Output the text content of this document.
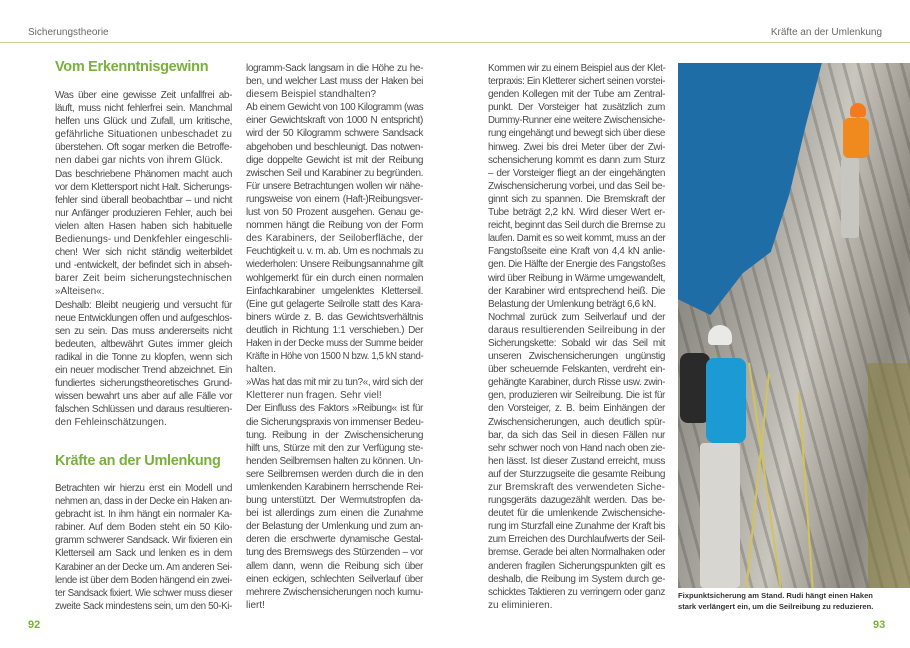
Sicherungstheorie	Kräfte an der Umlenkung
Vom Erkenntnisgewinn
Was über eine gewisse Zeit unfallfrei ab-
läuft, muss nicht fehlerfrei sein. Manchmal
helfen uns Glück und Zufall, um kritische,
gefährliche Situationen unbeschadet zu
überstehen. Oft sogar merken die Betroffe-
nen dabei gar nichts von ihrem Glück.
Das beschriebene Phänomen macht auch
vor dem Klettersport nicht Halt. Sicherungs-
fehler sind überall beobachtbar – und nicht
nur Anfänger produzieren Fehler, auch bei
vielen alten Hasen haben sich habituelle
Bedienungs- und Denkfehler eingeschli-
chen! Wer sich nicht ständig weiterbildet
und -entwickelt, der befindet sich in abseh-
barer Zeit beim sicherungstechnischen
»Alteisen«.
Deshalb: Bleibt neugierig und versucht für
neue Entwicklungen offen und aufgeschlos-
sen zu sein. Das muss andererseits nicht
bedeuten, altbewährt Gutes immer gleich
radikal in die Tonne zu klopfen, wenn sich
ein neuer modischer Trend abzeichnet. Ein
fundiertes sicherungstheoretisches Grund-
wissen bewahrt uns aber auf alle Fälle vor
falschen Schlüssen und daraus resultieren-
den Fehleinschätzungen.
Kräfte an der Umlenkung
Betrachten wir hierzu erst ein Modell und
nehmen an, dass in der Decke ein Haken an-
gebracht ist. In ihm hängt ein normaler Ka-
rabiner. Auf dem Boden steht ein 50 Kilo-
gramm schwerer Sandsack. Wir fixieren ein
Kletterseil am Sack und lenken es in dem
Karabiner an der Decke um. Am anderen Sei-
lende ist über dem Boden hängend ein zwei-
ter Sandsack fixiert. Wie schwer muss dieser
zweite Sack mindestens sein, um den 50-Ki-
logramm-Sack langsam in die Höhe zu he-
ben, und welcher Last muss der Haken bei
diesem Beispiel standhalten?
Ab einem Gewicht von 100 Kilogramm (was
einer Gewichtskraft von 1000 N entspricht)
wird der 50 Kilogramm schwere Sandsack
abgehoben und beschleunigt. Das notwen-
dige doppelte Gewicht ist mit der Reibung
zwischen Seil und Karabiner zu begründen.
Für unsere Betrachtungen wollen wir nähe-
rungsweise von einem (Haft-)Reibungsver-
lust von 50 Prozent ausgehen. Genau ge-
nommen hängt die Reibung von der Form
des Karabiners, der Seiloberfläche, der
Feuchtigkeit u. v. m. ab. Um es nochmals zu
wiederholen: Unsere Reibungsannahme gilt
wohlgemerkt für ein durch einen normalen
Einfachkarabiner umgelenktes Kletterseil.
(Eine gut gelagerte Seilrolle statt des Kara-
biners würde z. B. das Gewichtsverhältnis
deutlich in Richtung 1:1 verschieben.) Der
Haken in der Decke muss der Summe beider
Kräfte in Höhe von 1500 N bzw. 1,5 kN stand-
halten.
»Was hat das mit mir zu tun?«, wird sich der
Kletterer nun fragen. Sehr viel!
Der Einfluss des Faktors »Reibung« ist für
die Sicherungspraxis von immenser Bedeu-
tung. Reibung in der Zwischensicherung
hilft uns, Stürze mit den zur Verfügung ste-
henden Seilbremsen halten zu können. Un-
sere Seilbremsen werden durch die in den
umlenkenden Karabinern herrschende Rei-
bung unterstützt. Der Wermutstropfen da-
bei ist allerdings zum einen die Zunahme
der Belastung der Umlenkung und zum an-
deren die erschwerte dynamische Gestal-
tung des Bremswegs des Stürzenden – vor
allem dann, wenn die Reibung sich über
einen eckigen, schlechten Seilverlauf über
mehrere Zwischensicherungen noch kumu-
liert!
Kommen wir zu einem Beispiel aus der Klet-
terpraxis: Ein Kletterer sichert seinen vorstei-
genden Kollegen mit der Tube am Zentral-
punkt. Der Vorsteiger hat zusätzlich zum
Dummy-Runner eine weitere Zwischensiche-
rung eingehängt und bewegt sich über diese
hinweg. Zwei bis drei Meter über der Zwi-
schensicherung kommt es dann zum Sturz
– der Vorsteiger fliegt an der eingehängten
Zwischensicherung vorbei, und das Seil be-
ginnt sich zu spannen. Die Bremskraft der
Tube beträgt 2,2 kN. Wird dieser Wert er-
reicht, beginnt das Seil durch die Bremse zu
laufen. Damit es so weit kommt, muss an der
Fangstoßseite eine Kraft von 4,4 kN anlie-
gen. Die Hälfte der Energie des Fangstoßes
wird über Reibung in Wärme umgewandelt,
der Karabiner wird entsprechend heiß. Die
Belastung der Umlenkung beträgt 6,6 kN.
Nochmal zurück zum Seilverlauf und der
daraus resultierenden Seilreibung in der
Sicherungskette: Sobald wir das Seil mit
unseren Zwischensicherungen ungünstig
über scheuernde Felskanten, verdreht ein-
gehängte Karabiner, durch Risse usw. zwin-
gen, produzieren wir Seilreibung. Die ist für
den Vorsteiger, z. B. beim Einhängen der
Zwischensicherungen, auch deutlich spür-
bar, da sich das Seil in diesen Fällen nur
sehr schwer noch von Hand nach oben zie-
hen lässt. Ist dieser Zustand erreicht, muss
auf der Sturzzugseite die gesamte Reibung
zur Bremskraft des verwendeten Siche-
rungsgeräts dazugezählt werden. Das be-
deutet für die umlenkende Zwischensiche-
rung im Sturzfall eine Zunahme der Kraft bis
zum Erreichen des Durchlaufwerts der Seil-
bremse. Gerade bei alten Normalhaken oder
anderen fragilen Sicherungspunkten gilt es
deshalb, die Reibung im System durch ge-
schicktes Taktieren zu verringern oder ganz
zu eliminieren.
Fixpunktsicherung am Stand. Rudi hängt einen Haken
stark verlängert ein, um die Seilreibung zu reduzieren.
92	93
